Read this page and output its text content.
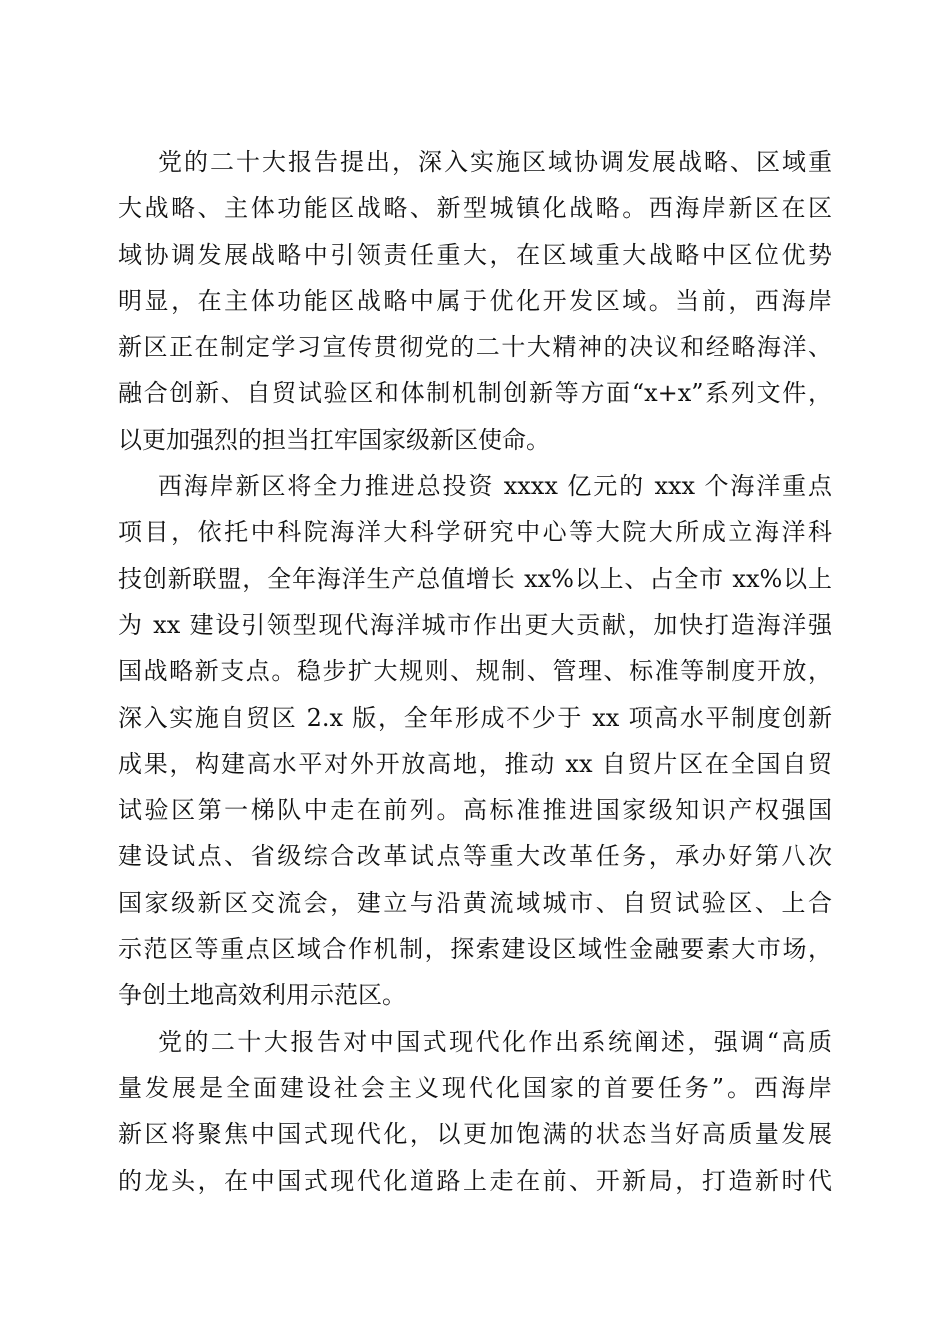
党的二十大报告提出，深入实施区域协调发展战略、区域重
大战略、主体功能区战略、新型城镇化战略。西海岸新区在区
域协调发展战略中引领责任重大，在区域重大战略中区位优势
明显，在主体功能区战略中属于优化开发区域。当前，西海岸
新区正在制定学习宣传贯彻党的二十大精神的决议和经略海洋、
融合创新、自贸试验区和体制机制创新等方面“x+x”系列文件，
以更加强烈的担当扛牢国家级新区使命。
西海岸新区将全力推进总投资 xxxx 亿元的 xxx 个海洋重点
项目，依托中科院海洋大科学研究中心等大院大所成立海洋科
技创新联盟，全年海洋生产总值增长 xx%以上、占全市 xx%以上
为 xx 建设引领型现代海洋城市作出更大贡献，加快打造海洋强
国战略新支点。稳步扩大规则、规制、管理、标准等制度开放，
深入实施自贸区 2.x 版，全年形成不少于 xx 项高水平制度创新
成果，构建高水平对外开放高地，推动 xx 自贸片区在全国自贸
试验区第一梯队中走在前列。高标准推进国家级知识产权强国
建设试点、省级综合改革试点等重大改革任务，承办好第八次
国家级新区交流会，建立与沿黄流域城市、自贸试验区、上合
示范区等重点区域合作机制，探索建设区域性金融要素大市场，
争创土地高效利用示范区。
党的二十大报告对中国式现代化作出系统阐述，强调“高质
量发展是全面建设社会主义现代化国家的首要任务”。西海岸
新区将聚焦中国式现代化，以更加饱满的状态当好高质量发展
的龙头，在中国式现代化道路上走在前、开新局，打造新时代
